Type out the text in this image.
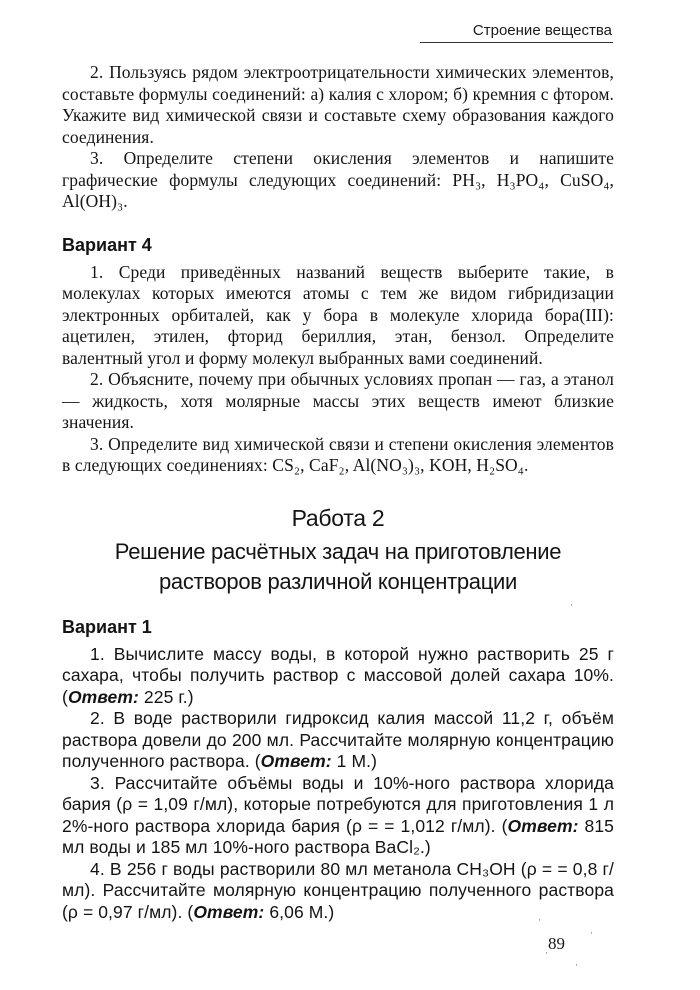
Строение вещества

2. Пользуясь рядом электроотрицательности химических элементов, составьте формулы соединений: а) калия с хлором; б) кремния с фтором. Укажите вид химической связи и составьте схему образования каждого соединения.

3. Определите степени окисления элементов и напишите графические формулы следующих соединений: PH₃, H₃PO₄, CuSO₄, Al(OH)₃.

Вариант 4

1. Среди приведённых названий веществ выберите такие, в молекулах которых имеются атомы с тем же видом гибридизации электронных орбиталей, как у бора в молекуле хлорида бора(III): ацетилен, этилен, фторид бериллия, этан, бензол. Определите валентный угол и форму молекул выбранных вами соединений.

2. Объясните, почему при обычных условиях пропан — газ, а этанол — жидкость, хотя молярные массы этих веществ имеют близкие значения.

3. Определите вид химической связи и степени окисления элементов в следующих соединениях: CS₂, CaF₂, Al(NO₃)₃, KOH, H₂SO₄.

Работа 2
Решение расчётных задач на приготовление
растворов различной концентрации
Вариант 1

1. Вычислите массу воды, в которой нужно растворить 25 г сахара, чтобы получить раствор с массовой долей сахара 10%. (Ответ: 225 г.)

2. В воде растворили гидроксид калия массой 11,2 г, объём раствора довели до 200 мл. Рассчитайте молярную концентрацию полученного раствора. (Ответ: 1 М.)

3. Рассчитайте объёмы воды и 10%-ного раствора хлорида бария (ρ = 1,09 г/мл), которые потребуются для приготовления 1 л 2%-ного раствора хлорида бария (ρ = = 1,012 г/мл). (Ответ: 815 мл воды и 185 мл 10%-ного раствора BaCl₂.)

4. В 256 г воды растворили 80 мл метанола CH₃OH (ρ = = 0,8 г/мл). Рассчитайте молярную концентрацию полученного раствора (ρ = 0,97 г/мл). (Ответ: 6,06 М.)

89
·
·
·
·
·
